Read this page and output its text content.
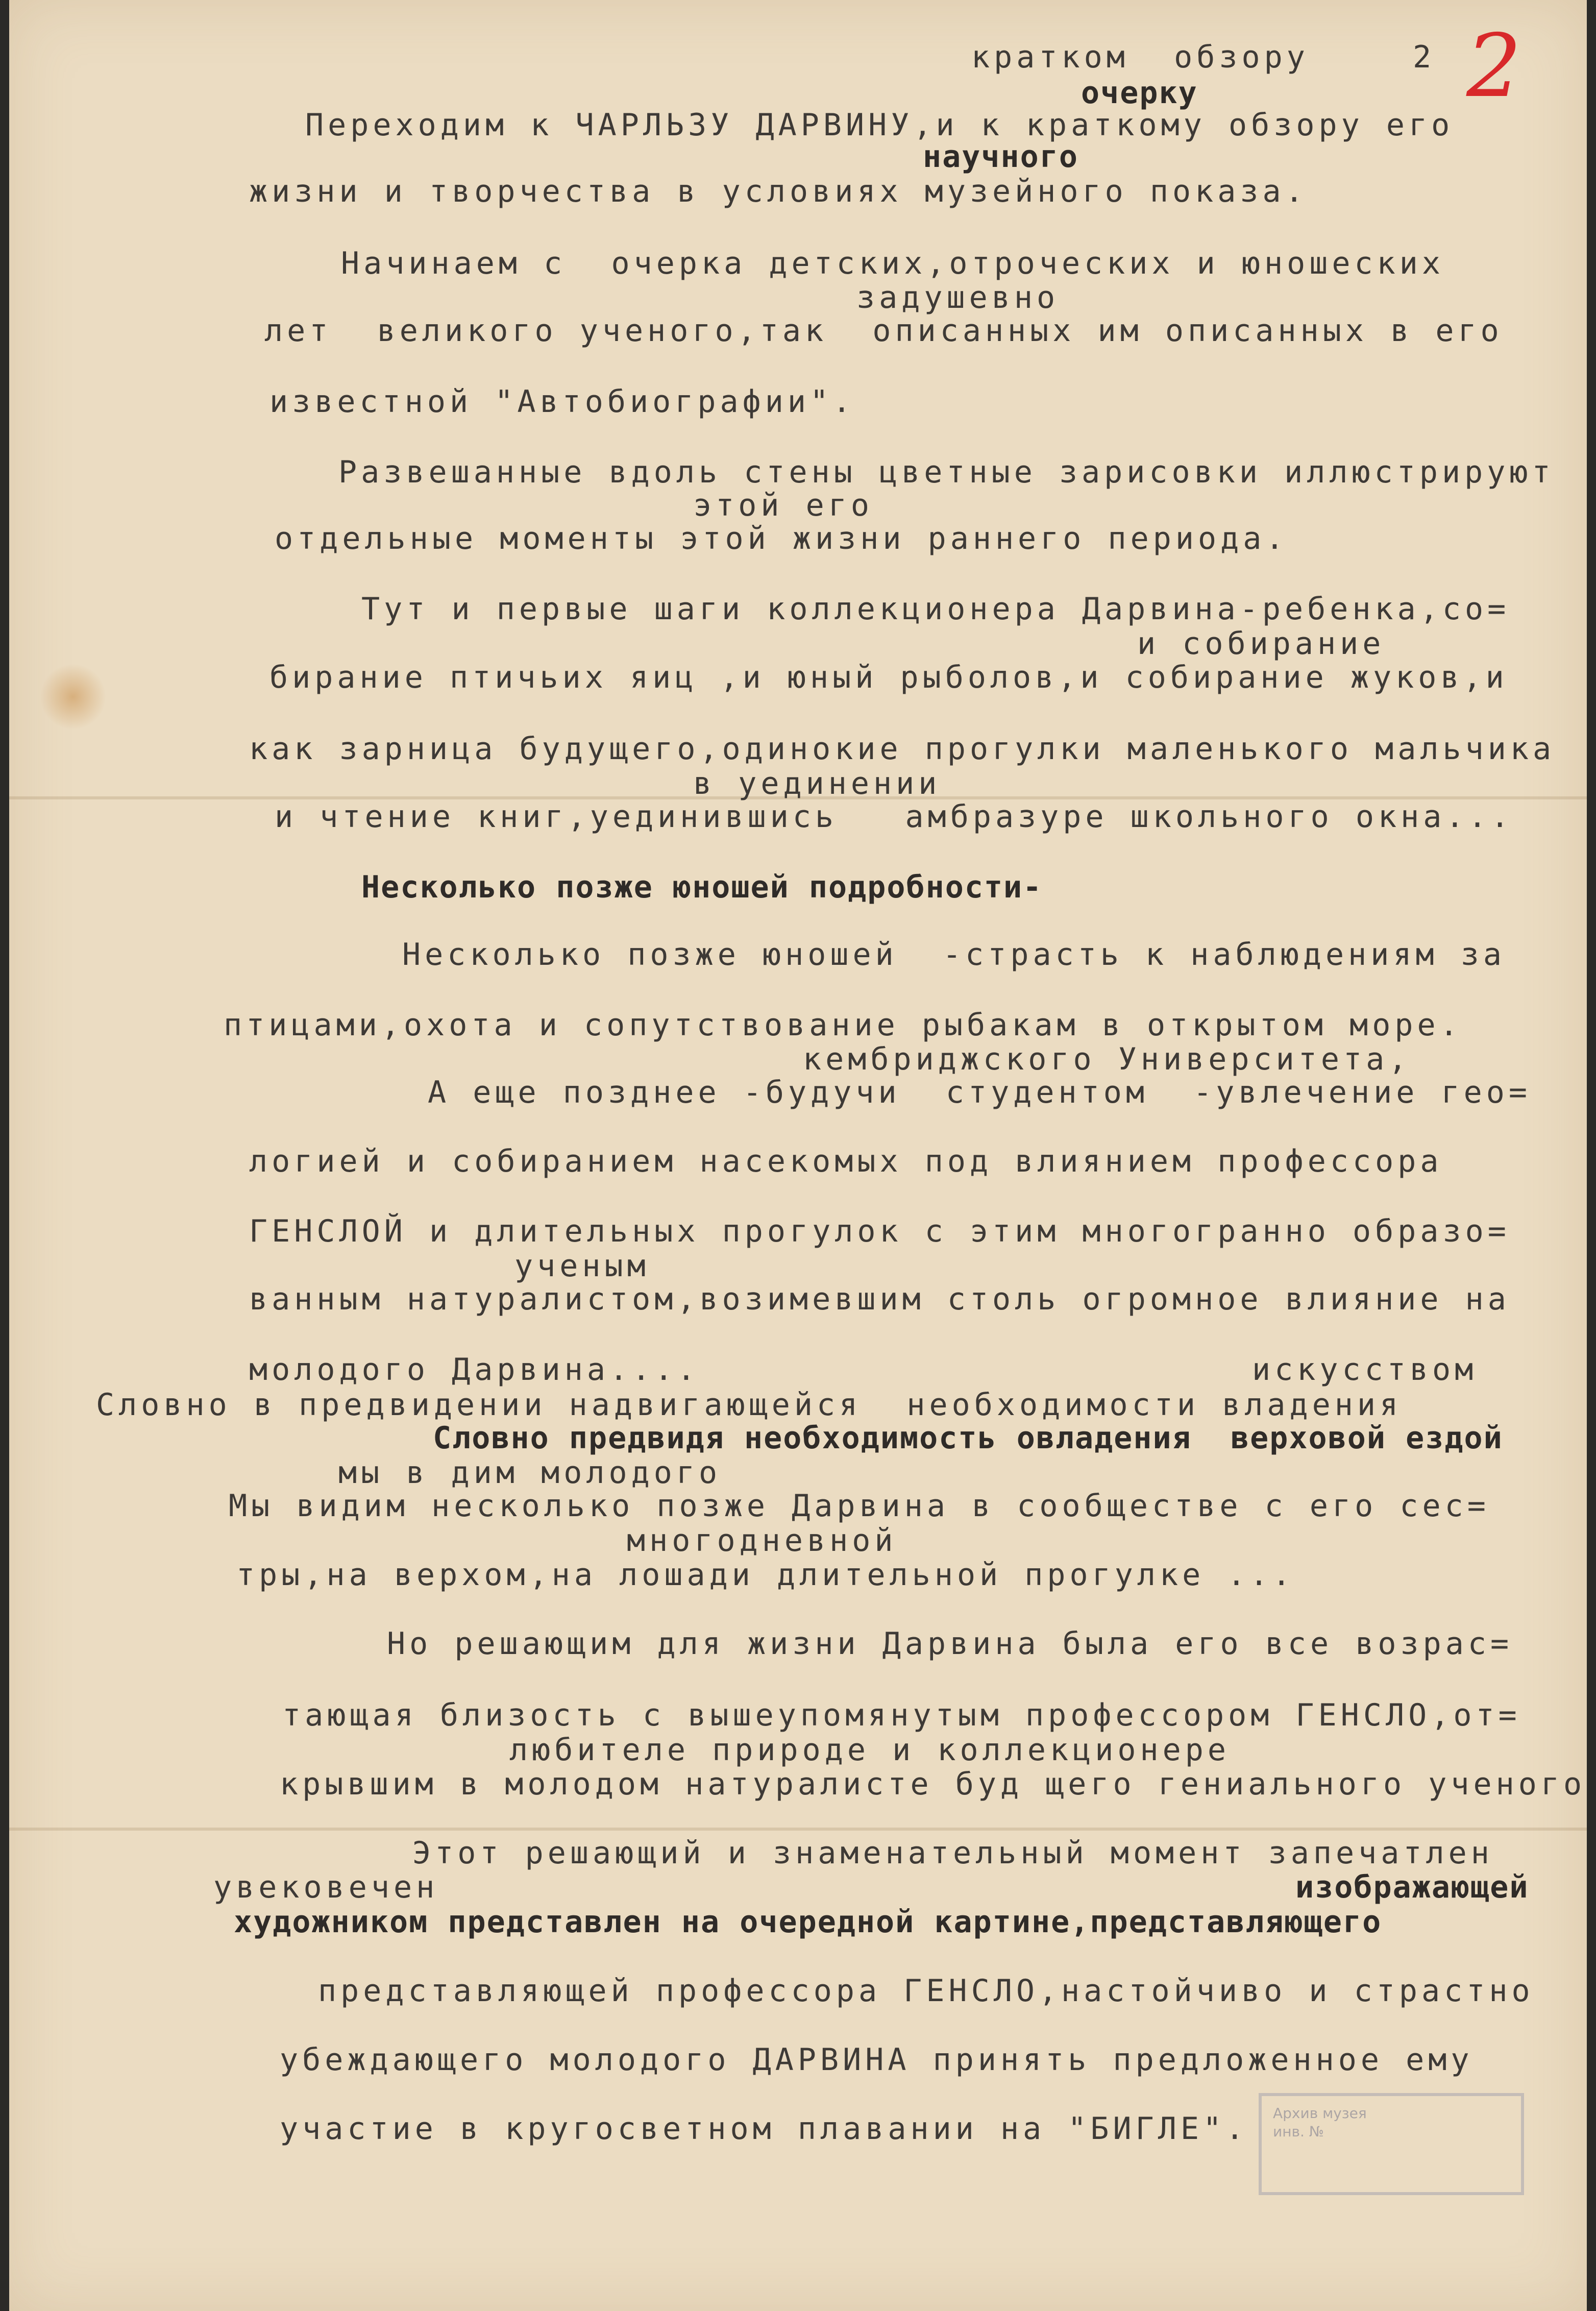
2 2
кратком  обзору
очерку
Переходим к ЧАРЛЬЗУ ДАРВИНУ,и к краткому обзору его
научного
жизни и творчества в условиях музейного показа.
Начинаем с  очерка детских,отроческих и юношеских
задушевно
лет  великого ученого,так  описанных им описанных в его
известной "Автобиографии".
Развешанные вдоль стены цветные зарисовки иллюстрируют
этой его
отдельные моменты этой жизни раннего периода.
Тут и первые шаги коллекционера Дарвина-ребенка,со=
и собирание
бирание птичьих яиц ,и юный рыболов,и собирание жуков,и
как зарница будущего,одинокие прогулки маленького мальчика
в уединении
и чтение книг,уединившись   амбразуре школьного окна...
Несколько позже юношей подробности-
Несколько позже юношей  -страсть к наблюдениям за
птицами,охота и сопутствование рыбакам в открытом море.
кембриджского Университета,
А еще позднее -будучи  студентом  -увлечение гео=
логией и собиранием насекомых под влиянием профессора
ГЕНСЛОЙ и длительных прогулок с этим многогранно образо=
ученым
ванным натуралистом,возимевшим столь огромное влияние на
молодого Дарвина....	искусством
Словно в предвидении надвигающейся  необходимости владения
Словно предвидя необходимость овладения  верховой ездой
мы в дим молодого
Мы видим несколько позже Дарвина в сообществе с его сес=
многодневной
тры,на верхом,на лошади длительной прогулке ...
Но решающим для жизни Дарвина была его все возрас=
тающая близость с вышеупомянутым профессором ГЕНСЛО,от=
любителе природе и коллекционере
крывшим в молодом натуралисте буд щего гениального ученого
Этот решающий и знаменательный момент запечатлен
увековечен	изображающей
художником представлен на очередной картине,представляющего
представляющей профессора ГЕНСЛО,настойчиво и страстно
убеждающего молодого ДАРВИНА принять предложенное ему
участие в кругосветном плавании на "БИГЛЕ".	Архив музея
инв. №
